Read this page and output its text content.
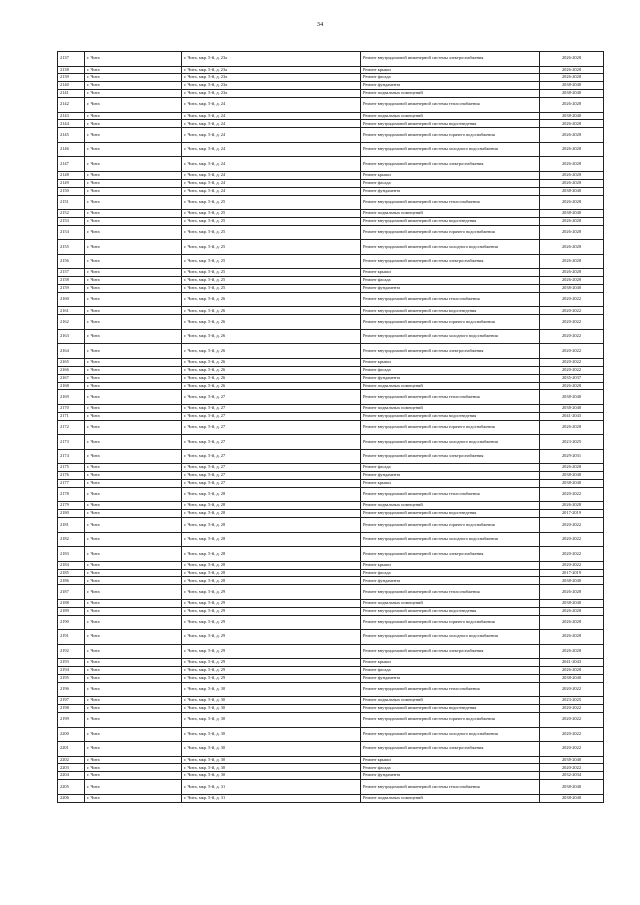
34
2137	г. Чита	г. Чита, мкр. 5-й, д. 23а	Ремонт внутридомовой инженерной системы электроснабжения	2026-2028
2138	г. Чита	г. Чита, мкр. 5-й, д. 23а	Ремонт крыши	2026-2028
2139	г. Чита	г. Чита, мкр. 5-й, д. 23а	Ремонт фасада	2026-2028
2140	г. Чита	г. Чита, мкр. 5-й, д. 23а	Ремонт фундамента	2038-2040
2141	г. Чита	г. Чита, мкр. 5-й, д. 23а	Ремонт подвальных помещений	2038-2040
2142	г. Чита	г. Чита, мкр. 5-й, д. 24	Ремонт внутридомовой инженерной системы теплоснабжения	2026-2028
2143	г. Чита	г. Чита, мкр. 5-й, д. 24	Ремонт подвальных помещений	2038-2040
2144	г. Чита	г. Чита, мкр. 5-й, д. 24	Ремонт внутридомовой инженерной системы водоотведения	2026-2028
2145	г. Чита	г. Чита, мкр. 5-й, д. 24	Ремонт внутридомовой инженерной системы горячего водоснабжения	2026-2028
2146	г. Чита	г. Чита, мкр. 5-й, д. 24	Ремонт внутридомовой инженерной системы холодного водоснабжения	2026-2028
2147	г. Чита	г. Чита, мкр. 5-й, д. 24	Ремонт внутридомовой инженерной системы электроснабжения	2026-2028
2148	г. Чита	г. Чита, мкр. 5-й, д. 24	Ремонт крыши	2026-2028
2149	г. Чита	г. Чита, мкр. 5-й, д. 24	Ремонт фасада	2026-2028
2150	г. Чита	г. Чита, мкр. 5-й, д. 24	Ремонт фундамента	2038-2040
2151	г. Чита	г. Чита, мкр. 5-й, д. 25	Ремонт внутридомовой инженерной системы теплоснабжения	2026-2028
2152	г. Чита	г. Чита, мкр. 5-й, д. 25	Ремонт подвальных помещений	2038-2040
2153	г. Чита	г. Чита, мкр. 5-й, д. 25	Ремонт внутридомовой инженерной системы водоотведения	2026-2028
2154	г. Чита	г. Чита, мкр. 5-й, д. 25	Ремонт внутридомовой инженерной системы горячего водоснабжения	2026-2028
2155	г. Чита	г. Чита, мкр. 5-й, д. 25	Ремонт внутридомовой инженерной системы холодного водоснабжения	2026-2028
2156	г. Чита	г. Чита, мкр. 5-й, д. 25	Ремонт внутридомовой инженерной системы электроснабжения	2026-2028
2157	г. Чита	г. Чита, мкр. 5-й, д. 25	Ремонт крыши	2026-2028
2158	г. Чита	г. Чита, мкр. 5-й, д. 25	Ремонт фасада	2026-2028
2159	г. Чита	г. Чита, мкр. 5-й, д. 25	Ремонт фундамента	2038-2040
2160	г. Чита	г. Чита, мкр. 5-й, д. 26	Ремонт внутридомовой инженерной системы теплоснабжения	2020-2022
2161	г. Чита	г. Чита, мкр. 5-й, д. 26	Ремонт внутридомовой инженерной системы водоотведения	2020-2022
2162	г. Чита	г. Чита, мкр. 5-й, д. 26	Ремонт внутридомовой инженерной системы горячего водоснабжения	2020-2022
2163	г. Чита	г. Чита, мкр. 5-й, д. 26	Ремонт внутридомовой инженерной системы холодного водоснабжения	2020-2022
2164	г. Чита	г. Чита, мкр. 5-й, д. 26	Ремонт внутридомовой инженерной системы электроснабжения	2020-2022
2165	г. Чита	г. Чита, мкр. 5-й, д. 26	Ремонт крыши	2020-2022
2166	г. Чита	г. Чита, мкр. 5-й, д. 26	Ремонт фасада	2020-2022
2167	г. Чита	г. Чита, мкр. 5-й, д. 26	Ремонт фундамента	2035-2037
2168	г. Чита	г. Чита, мкр. 5-й, д. 26	Ремонт подвальных помещений	2026-2028
2169	г. Чита	г. Чита, мкр. 5-й, д. 27	Ремонт внутридомовой инженерной системы теплоснабжения	2038-2040
2170	г. Чита	г. Чита, мкр. 5-й, д. 27	Ремонт подвальных помещений	2038-2040
2171	г. Чита	г. Чита, мкр. 5-й, д. 27	Ремонт внутридомовой инженерной системы водоотведения	2041-2043
2172	г. Чита	г. Чита, мкр. 5-й, д. 27	Ремонт внутридомовой инженерной системы горячего водоснабжения	2026-2028
2173	г. Чита	г. Чита, мкр. 5-й, д. 27	Ремонт внутридомовой инженерной системы холодного водоснабжения	2023-2025
2174	г. Чита	г. Чита, мкр. 5-й, д. 27	Ремонт внутридомовой инженерной системы электроснабжения	2029-2031
2175	г. Чита	г. Чита, мкр. 5-й, д. 27	Ремонт фасада	2026-2028
2176	г. Чита	г. Чита, мкр. 5-й, д. 27	Ремонт фундамента	2038-2040
2177	г. Чита	г. Чита, мкр. 5-й, д. 27	Ремонт крыши	2038-2040
2178	г. Чита	г. Чита, мкр. 5-й, д. 28	Ремонт внутридомовой инженерной системы теплоснабжения	2020-2022
2179	г. Чита	г. Чита, мкр. 5-й, д. 28	Ремонт подвальных помещений	2026-2028
2180	г. Чита	г. Чита, мкр. 5-й, д. 28	Ремонт внутридомовой инженерной системы водоотведения	2017-2019
2181	г. Чита	г. Чита, мкр. 5-й, д. 28	Ремонт внутридомовой инженерной системы горячего водоснабжения	2020-2022
2182	г. Чита	г. Чита, мкр. 5-й, д. 28	Ремонт внутридомовой инженерной системы холодного водоснабжения	2020-2022
2183	г. Чита	г. Чита, мкр. 5-й, д. 28	Ремонт внутридомовой инженерной системы электроснабжения	2020-2022
2184	г. Чита	г. Чита, мкр. 5-й, д. 28	Ремонт крыши	2020-2022
2185	г. Чита	г. Чита, мкр. 5-й, д. 28	Ремонт фасада	2017-2019
2186	г. Чита	г. Чита, мкр. 5-й, д. 28	Ремонт фундамента	2038-2040
2187	г. Чита	г. Чита, мкр. 5-й, д. 29	Ремонт внутридомовой инженерной системы теплоснабжения	2026-2028
2188	г. Чита	г. Чита, мкр. 5-й, д. 29	Ремонт подвальных помещений	2038-2040
2189	г. Чита	г. Чита, мкр. 5-й, д. 29	Ремонт внутридомовой инженерной системы водоотведения	2026-2028
2190	г. Чита	г. Чита, мкр. 5-й, д. 29	Ремонт внутридомовой инженерной системы горячего водоснабжения	2026-2028
2191	г. Чита	г. Чита, мкр. 5-й, д. 29	Ремонт внутридомовой инженерной системы холодного водоснабжения	2026-2028
2192	г. Чита	г. Чита, мкр. 5-й, д. 29	Ремонт внутридомовой инженерной системы электроснабжения	2026-2028
2193	г. Чита	г. Чита, мкр. 5-й, д. 29	Ремонт крыши	2041-2043
2194	г. Чита	г. Чита, мкр. 5-й, д. 29	Ремонт фасада	2026-2028
2195	г. Чита	г. Чита, мкр. 5-й, д. 29	Ремонт фундамента	2038-2040
2196	г. Чита	г. Чита, мкр. 5-й, д. 30	Ремонт внутридомовой инженерной системы теплоснабжения	2020-2022
2197	г. Чита	г. Чита, мкр. 5-й, д. 30	Ремонт подвальных помещений	2023-2025
2198	г. Чита	г. Чита, мкр. 5-й, д. 30	Ремонт внутридомовой инженерной системы водоотведения	2020-2022
2199	г. Чита	г. Чита, мкр. 5-й, д. 30	Ремонт внутридомовой инженерной системы горячего водоснабжения	2020-2022
2200	г. Чита	г. Чита, мкр. 5-й, д. 30	Ремонт внутридомовой инженерной системы холодного водоснабжения	2020-2022
2201	г. Чита	г. Чита, мкр. 5-й, д. 30	Ремонт внутридомовой инженерной системы электроснабжения	2020-2022
2202	г. Чита	г. Чита, мкр. 5-й, д. 30	Ремонт крыши	2038-2040
2203	г. Чита	г. Чита, мкр. 5-й, д. 30	Ремонт фасада	2020-2022
2204	г. Чита	г. Чита, мкр. 5-й, д. 30	Ремонт фундамента	2032-2034
2205	г. Чита	г. Чита, мкр. 5-й, д. 31	Ремонт внутридомовой инженерной системы теплоснабжения	2038-2040
2206	г. Чита	г. Чита, мкр. 5-й, д. 31	Ремонт подвальных помещений	2038-2040
